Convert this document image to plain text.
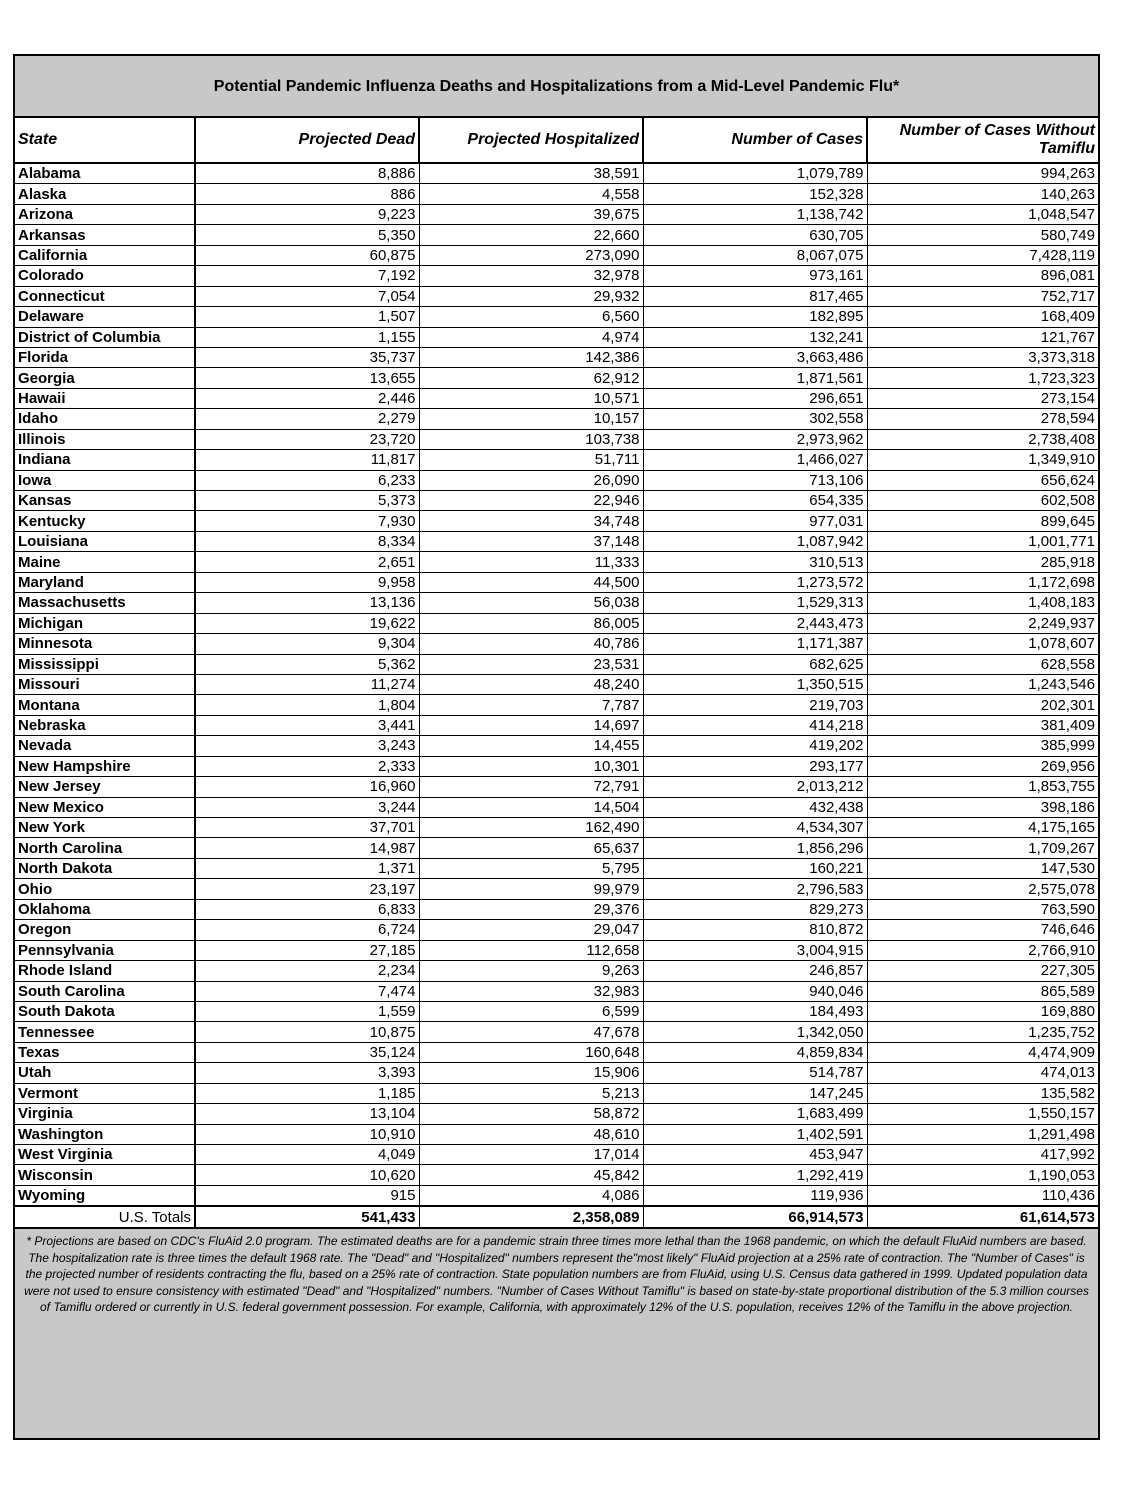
Potential Pandemic Influenza Deaths and Hospitalizations from a Mid-Level Pandemic Flu*
State	Projected Dead	Projected Hospitalized	Number of Cases	Number of Cases Without Tamiflu
Alabama	8,886	38,591	1,079,789	994,263
Alaska	886	4,558	152,328	140,263
Arizona	9,223	39,675	1,138,742	1,048,547
Arkansas	5,350	22,660	630,705	580,749
California	60,875	273,090	8,067,075	7,428,119
Colorado	7,192	32,978	973,161	896,081
Connecticut	7,054	29,932	817,465	752,717
Delaware	1,507	6,560	182,895	168,409
District of Columbia	1,155	4,974	132,241	121,767
Florida	35,737	142,386	3,663,486	3,373,318
Georgia	13,655	62,912	1,871,561	1,723,323
Hawaii	2,446	10,571	296,651	273,154
Idaho	2,279	10,157	302,558	278,594
Illinois	23,720	103,738	2,973,962	2,738,408
Indiana	11,817	51,711	1,466,027	1,349,910
Iowa	6,233	26,090	713,106	656,624
Kansas	5,373	22,946	654,335	602,508
Kentucky	7,930	34,748	977,031	899,645
Louisiana	8,334	37,148	1,087,942	1,001,771
Maine	2,651	11,333	310,513	285,918
Maryland	9,958	44,500	1,273,572	1,172,698
Massachusetts	13,136	56,038	1,529,313	1,408,183
Michigan	19,622	86,005	2,443,473	2,249,937
Minnesota	9,304	40,786	1,171,387	1,078,607
Mississippi	5,362	23,531	682,625	628,558
Missouri	11,274	48,240	1,350,515	1,243,546
Montana	1,804	7,787	219,703	202,301
Nebraska	3,441	14,697	414,218	381,409
Nevada	3,243	14,455	419,202	385,999
New Hampshire	2,333	10,301	293,177	269,956
New Jersey	16,960	72,791	2,013,212	1,853,755
New Mexico	3,244	14,504	432,438	398,186
New York	37,701	162,490	4,534,307	4,175,165
North Carolina	14,987	65,637	1,856,296	1,709,267
North Dakota	1,371	5,795	160,221	147,530
Ohio	23,197	99,979	2,796,583	2,575,078
Oklahoma	6,833	29,376	829,273	763,590
Oregon	6,724	29,047	810,872	746,646
Pennsylvania	27,185	112,658	3,004,915	2,766,910
Rhode Island	2,234	9,263	246,857	227,305
South Carolina	7,474	32,983	940,046	865,589
South Dakota	1,559	6,599	184,493	169,880
Tennessee	10,875	47,678	1,342,050	1,235,752
Texas	35,124	160,648	4,859,834	4,474,909
Utah	3,393	15,906	514,787	474,013
Vermont	1,185	5,213	147,245	135,582
Virginia	13,104	58,872	1,683,499	1,550,157
Washington	10,910	48,610	1,402,591	1,291,498
West Virginia	4,049	17,014	453,947	417,992
Wisconsin	10,620	45,842	1,292,419	1,190,053
Wyoming	915	4,086	119,936	110,436
U.S. Totals	541,433	2,358,089	66,914,573	61,614,573
* Projections are based on CDC's FluAid 2.0 program. The estimated deaths are for a pandemic strain three times more lethal than the 1968 pandemic, on which the default FluAid numbers are based. The hospitalization rate is three times the default 1968 rate. The "Dead" and "Hospitalized" numbers represent the"most likely" FluAid projection at a 25% rate of contraction. The "Number of Cases" is the projected number of residents contracting the flu, based on a 25% rate of contraction. State population numbers are from FluAid, using U.S. Census data gathered in 1999. Updated population data were not used to ensure consistency with estimated "Dead" and "Hospitalized" numbers. "Number of Cases Without Tamiflu" is based on state-by-state proportional distribution of the 5.3 million courses of Tamiflu ordered or currently in U.S. federal government possession. For example, California, with approximately 12% of the U.S. population, receives 12% of the Tamiflu in the above projection.
